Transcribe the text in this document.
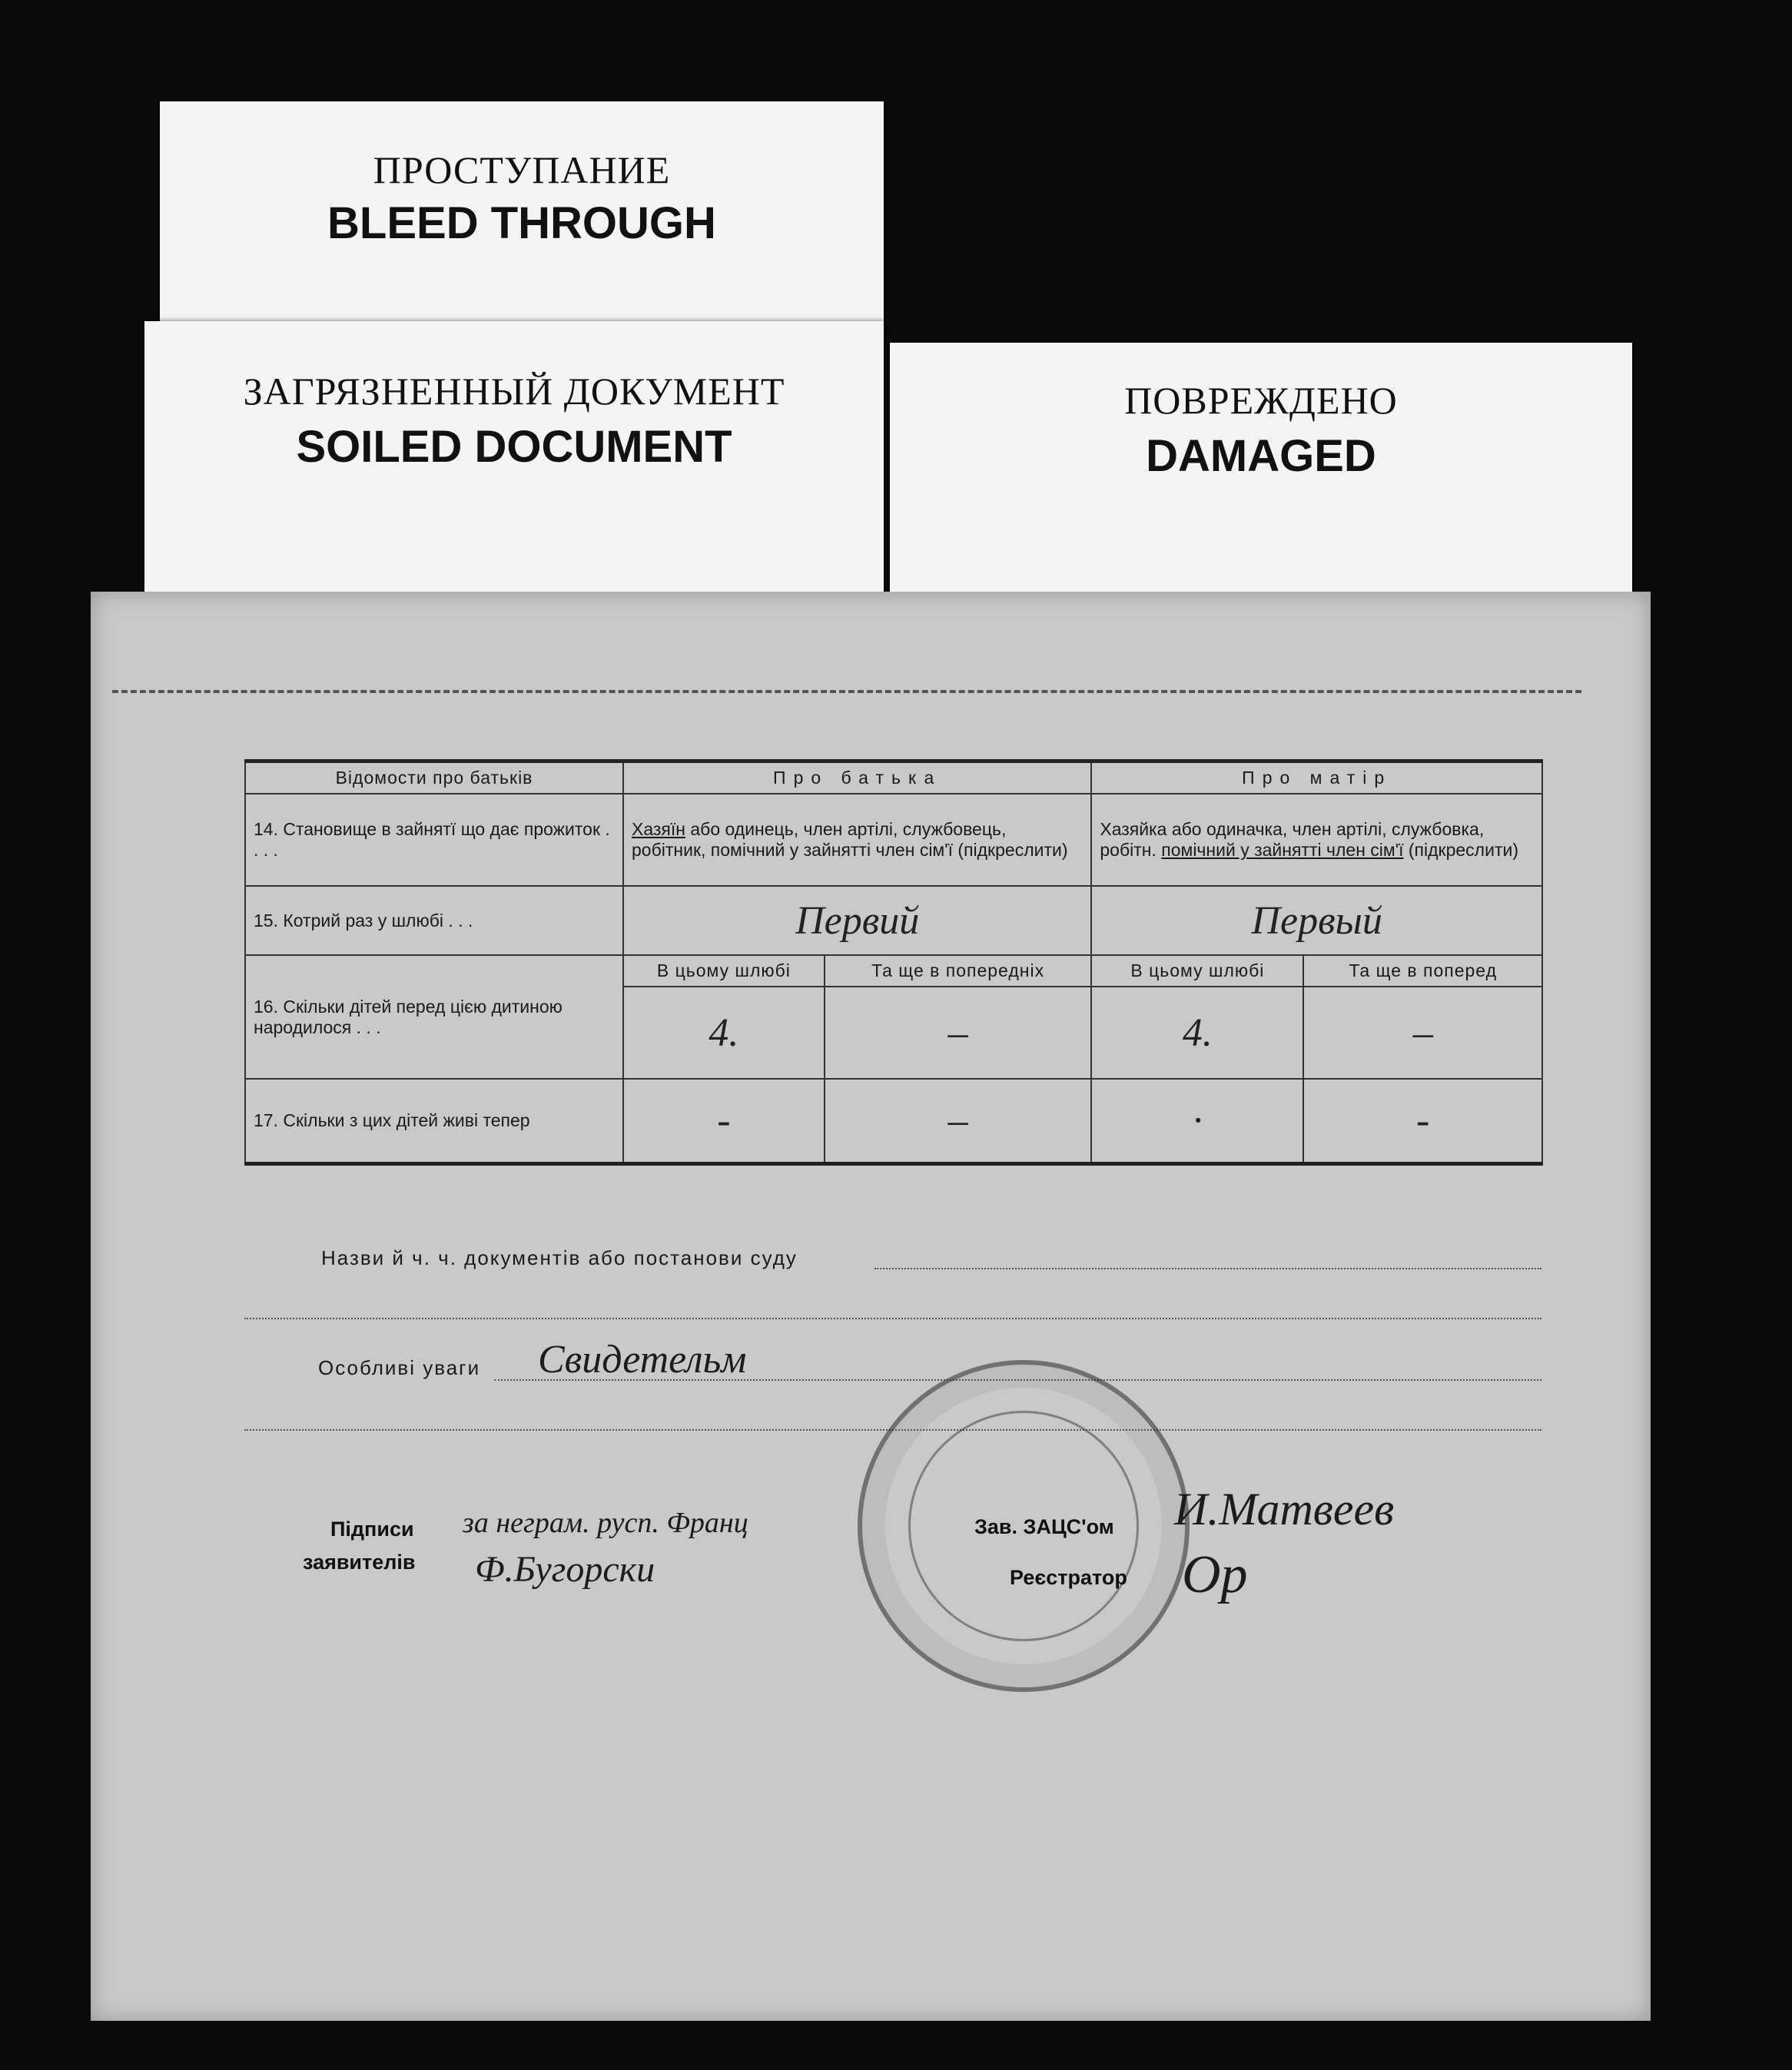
ПРОСТУПАНИЕ
BLEED THROUGH
ЗАГРЯЗНЕННЫЙ ДОКУМЕНТ
SOILED DOCUMENT
ПОВРЕЖДЕНО
DAMAGED
Відомости про батьків	Про батька		Про матір	
14. Становище в зайнятї що дає прожиток . . . .	Хазяїн або одинець, член артілі, службовець, робітник, помічний у зайнятті член сім'ї (підкреслити)		Хазяйка або одиначка, член артілі, службовка, робітн. помічний у зайнятті член сім'ї (підкреслити)	
15. Котрий раз у шлюбі . . .	Первий		Первый	
16. Скільки дітей перед цією дитиною народилося . . .	В цьому шлюбі	Та ще в попередніх	В цьому шлюбі	Та ще в поперед
	4.	–	4.	–
17. Скільки з цих дітей живі тепер	-	–	·	-
Назви й ч. ч. документів або постанови суду
Особливі уваги Свидетельм
Підписи
заявителів
за неграм. русп. Франц
Ф.Бугорски
Зав. ЗАЦС'ом И.Матвеев
Реєстратор Ор
